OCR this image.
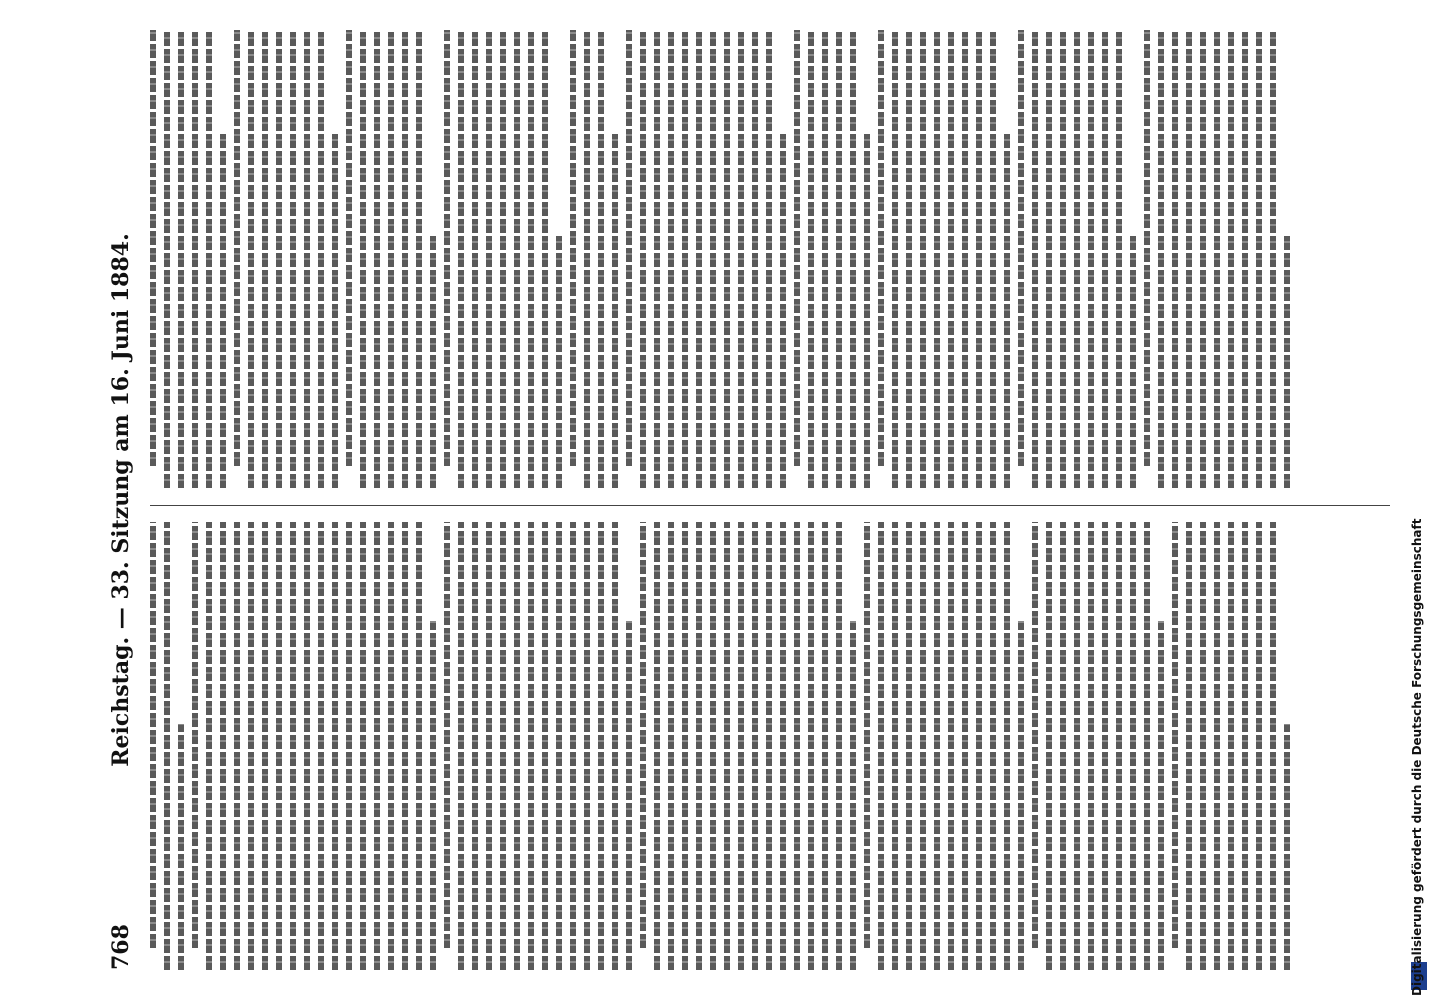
768
Reichstag. — 33. Sitzung am 16. Juni 1884.	Digitalisierung gefördert durch die Deutsche Forschungsgemeinschaft
